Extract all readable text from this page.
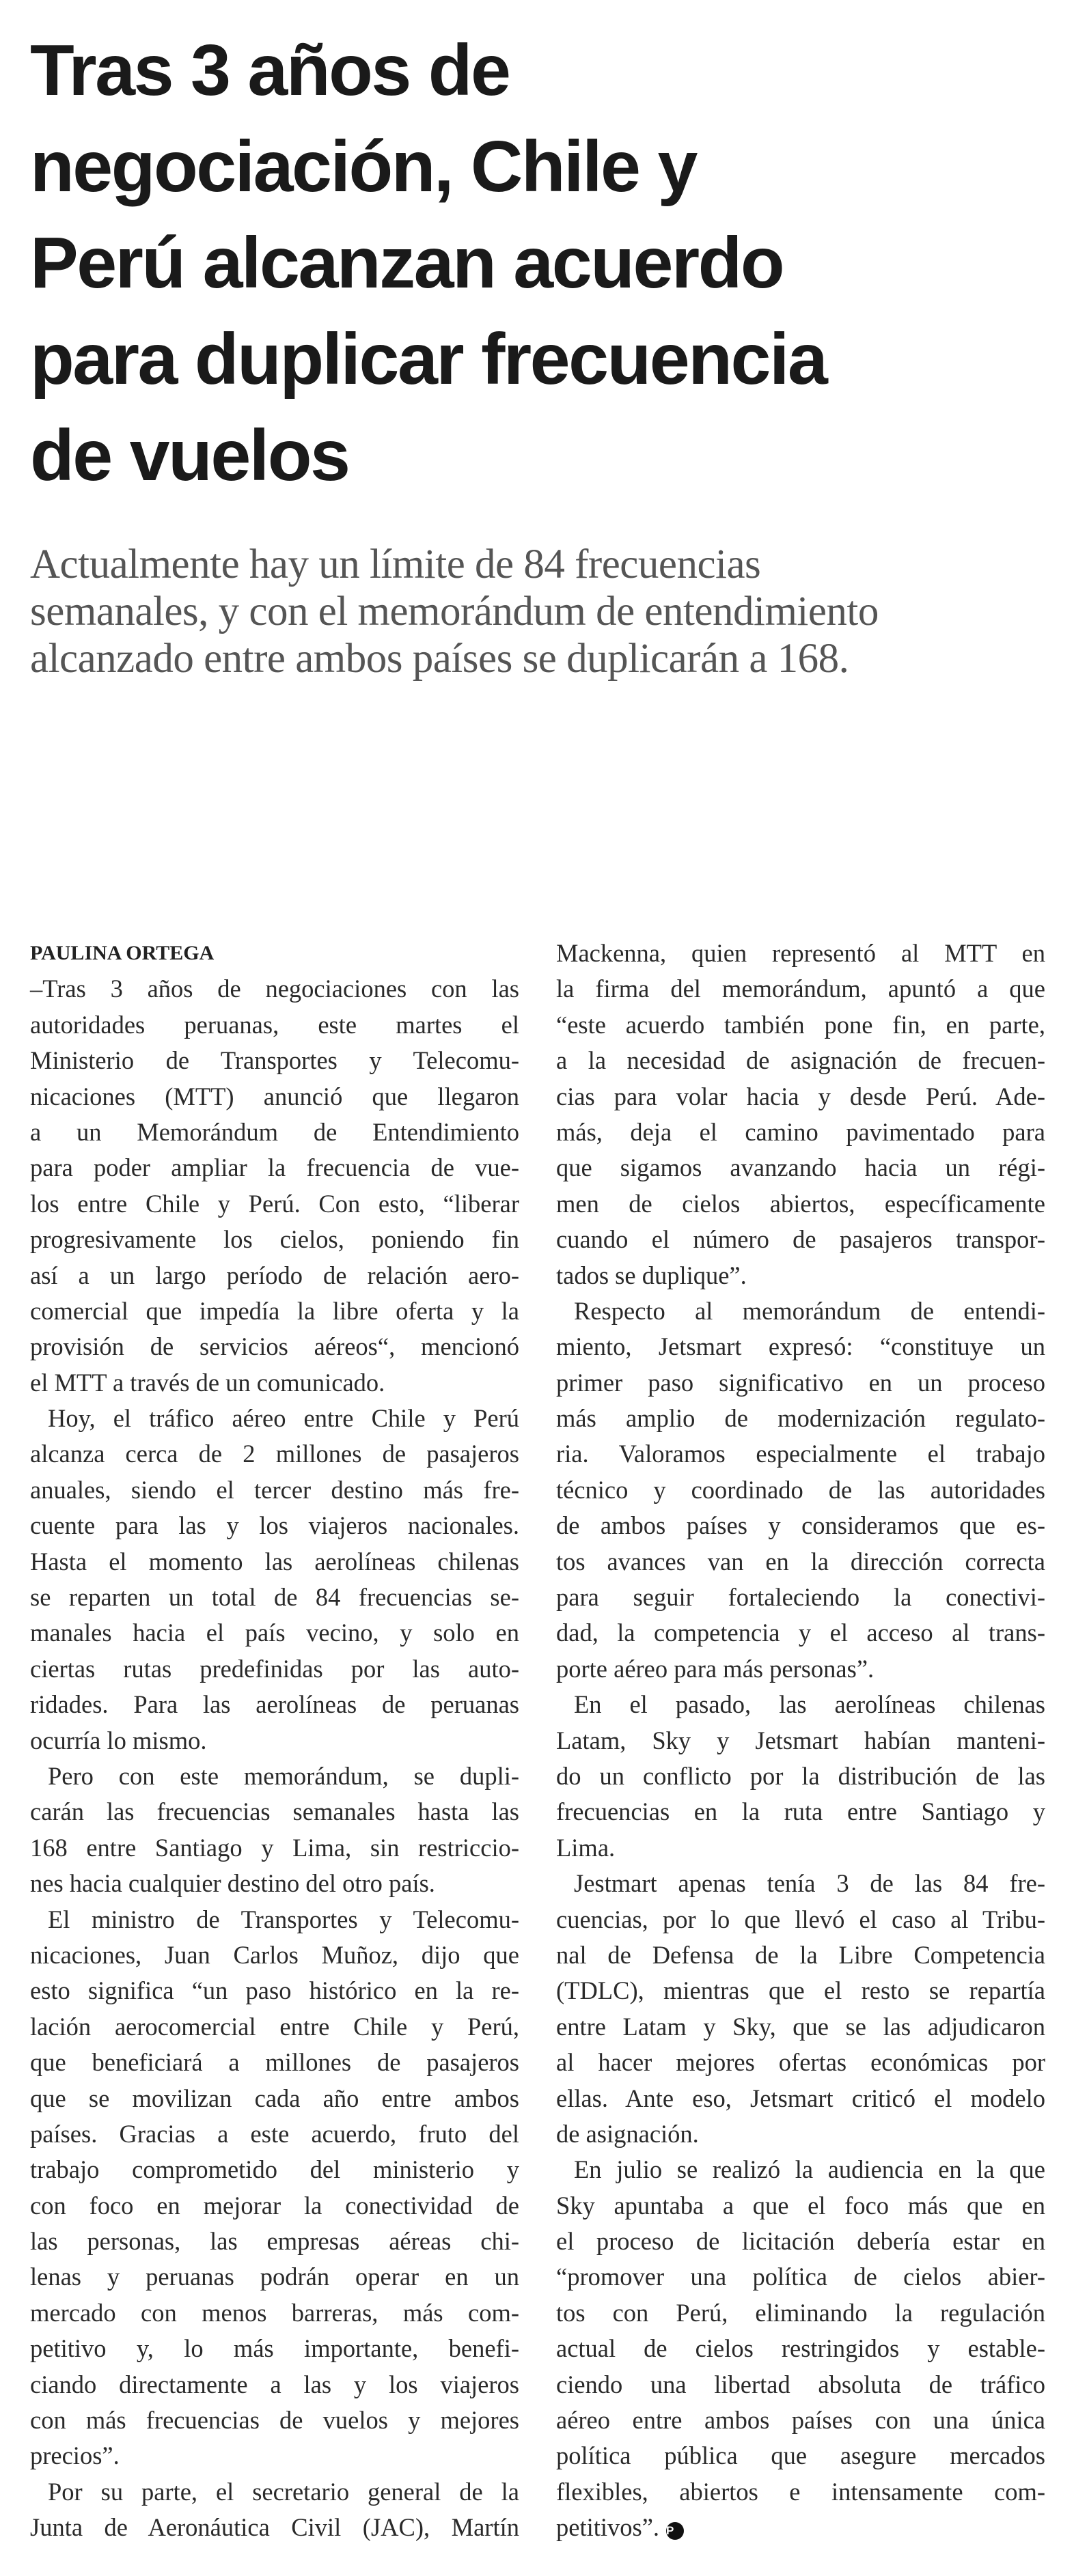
Tras 3 años de
negociación, Chile y
Perú alcanzan acuerdo
para duplicar frecuencia
de vuelos
Actualmente hay un límite de 84 frecuencias
semanales, y con el memorándum de entendimiento
alcanzado entre ambos países se duplicarán a 168.
PAULINA ORTEGA
–Tras 3 años de negociaciones con las
autoridades peruanas, este martes el
Ministerio de Transportes y Telecomu-
nicaciones (MTT) anunció que llegaron
a un Memorándum de Entendimiento
para poder ampliar la frecuencia de vue-
los entre Chile y Perú. Con esto, “liberar
progresivamente los cielos, poniendo fin
así a un largo período de relación aero-
comercial que impedía la libre oferta y la
provisión de servicios aéreos“, mencionó
el MTT a través de un comunicado.
Hoy, el tráfico aéreo entre Chile y Perú
alcanza cerca de 2 millones de pasajeros
anuales, siendo el tercer destino más fre-
cuente para las y los viajeros nacionales.
Hasta el momento las aerolíneas chilenas
se reparten un total de 84 frecuencias se-
manales hacia el país vecino, y solo en
ciertas rutas predefinidas por las auto-
ridades. Para las aerolíneas de peruanas
ocurría lo mismo.
Pero con este memorándum, se dupli-
carán las frecuencias semanales hasta las
168 entre Santiago y Lima, sin restriccio-
nes hacia cualquier destino del otro país.
El ministro de Transportes y Telecomu-
nicaciones, Juan Carlos Muñoz, dijo que
esto significa “un paso histórico en la re-
lación aerocomercial entre Chile y Perú,
que beneficiará a millones de pasajeros
que se movilizan cada año entre ambos
países. Gracias a este acuerdo, fruto del
trabajo comprometido del ministerio y
con foco en mejorar la conectividad de
las personas, las empresas aéreas chi-
lenas y peruanas podrán operar en un
mercado con menos barreras, más com-
petitivo y, lo más importante, benefi-
ciando directamente a las y los viajeros
con más frecuencias de vuelos y mejores
precios”.
Por su parte, el secretario general de la
Junta de Aeronáutica Civil (JAC), Martín
Mackenna, quien representó al MTT en
la firma del memorándum, apuntó a que
“este acuerdo también pone fin, en parte,
a la necesidad de asignación de frecuen-
cias para volar hacia y desde Perú. Ade-
más, deja el camino pavimentado para
que sigamos avanzando hacia un régi-
men de cielos abiertos, específicamente
cuando el número de pasajeros transpor-
tados se duplique”.
Respecto al memorándum de entendi-
miento, Jetsmart expresó: “constituye un
primer paso significativo en un proceso
más amplio de modernización regulato-
ria. Valoramos especialmente el trabajo
técnico y coordinado de las autoridades
de ambos países y consideramos que es-
tos avances van en la dirección correcta
para seguir fortaleciendo la conectivi-
dad, la competencia y el acceso al trans-
porte aéreo para más personas”.
En el pasado, las aerolíneas chilenas
Latam, Sky y Jetsmart habían manteni-
do un conflicto por la distribución de las
frecuencias en la ruta entre Santiago y
Lima.
Jestmart apenas tenía 3 de las 84 fre-
cuencias, por lo que llevó el caso al Tribu-
nal de Defensa de la Libre Competencia
(TDLC), mientras que el resto se repartía
entre Latam y Sky, que se las adjudicaron
al hacer mejores ofertas económicas por
ellas. Ante eso, Jetsmart criticó el modelo
de asignación.
En julio se realizó la audiencia en la que
Sky apuntaba a que el foco más que en
el proceso de licitación debería estar en
“promover una política de cielos abier-
tos con Perú, eliminando la regulación
actual de cielos restringidos y estable-
ciendo una libertad absoluta de tráfico
aéreo entre ambos países con una única
política pública que asegure mercados
flexibles, abiertos e intensamente com-
petitivos”. P
